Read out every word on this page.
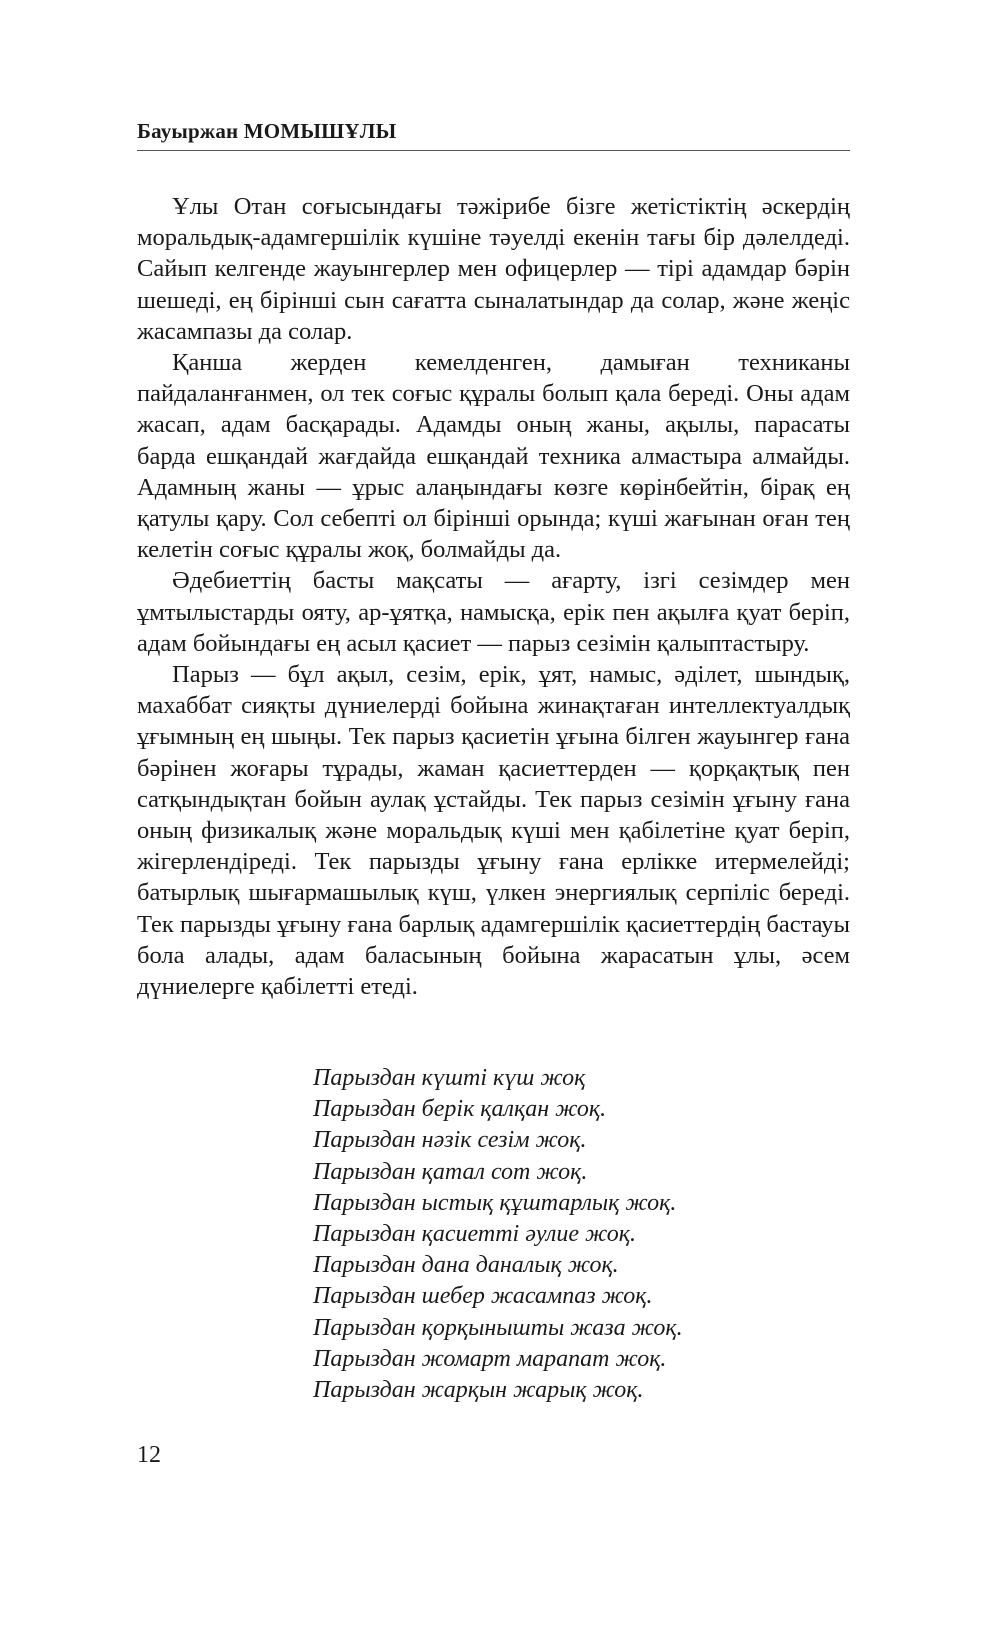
Бауыржан МОМЫШҰЛЫ

Ұлы Отан соғысындағы тәжірибе бізге жетістіктің әскердің моральдық-адамгершілік күшіне тәуелді екенін тағы бір дәлелдеді. Сайып келгенде жауынгерлер мен офицерлер — тірі адамдар бәрін шешеді, ең бірінші сын сағатта сыналатындар да солар, және жеңіс жасампазы да солар.

Қанша жерден кемелденген, дамыған техниканы пайдаланғанмен, ол тек соғыс құралы болып қала береді. Оны адам жасап, адам басқарады. Адамды оның жаны, ақылы, парасаты барда ешқандай жағдайда ешқандай техника алмастыра алмайды. Адамның жаны — ұрыс алаңындағы көзге көрінбейтін, бірақ ең қатулы қару. Сол себепті ол бірінші орында; күші жағынан оған тең келетін соғыс құралы жоқ, болмайды да.

Әдебиеттің басты мақсаты — ағарту, ізгі сезімдер мен ұмтылыстарды ояту, ар-ұятқа, намысқа, ерік пен ақылға қуат беріп, адам бойындағы ең асыл қасиет — парыз сезімін қалыптастыру.

Парыз — бұл ақыл, сезім, ерік, ұят, намыс, әділет, шындық, махаббат сияқты дүниелерді бойына жинақтаған интеллектуалдық ұғымның ең шыңы. Тек парыз қасиетін ұғына білген жауынгер ғана бәрінен жоғары тұрады, жаман қасиеттерден — қорқақтық пен сатқындықтан бойын аулақ ұстайды. Тек парыз сезімін ұғыну ғана оның физикалық және моральдық күші мен қабілетіне қуат беріп, жігерлендіреді. Тек парызды ұғыну ғана ерлікке итермелейді; батырлық шығармашылық күш, үлкен энергиялық серпіліс береді. Тек парызды ұғыну ғана барлық адамгершілік қасиеттердің бастауы бола алады, адам баласының бойына жарасатын ұлы, әсем дүниелерге қабілетті етеді.

Парыздан күшті күш жоқ
Парыздан берік қалқан жоқ.
Парыздан нәзік сезім жоқ.
Парыздан қатал сот жоқ.
Парыздан ыстық құштарлық жоқ.
Парыздан қасиетті әулие жоқ.
Парыздан дана даналық жоқ.
Парыздан шебер жасампаз жоқ.
Парыздан қорқынышты жаза жоқ.
Парыздан жомарт марапат жоқ.
Парыздан жарқын жарық жоқ.
12
